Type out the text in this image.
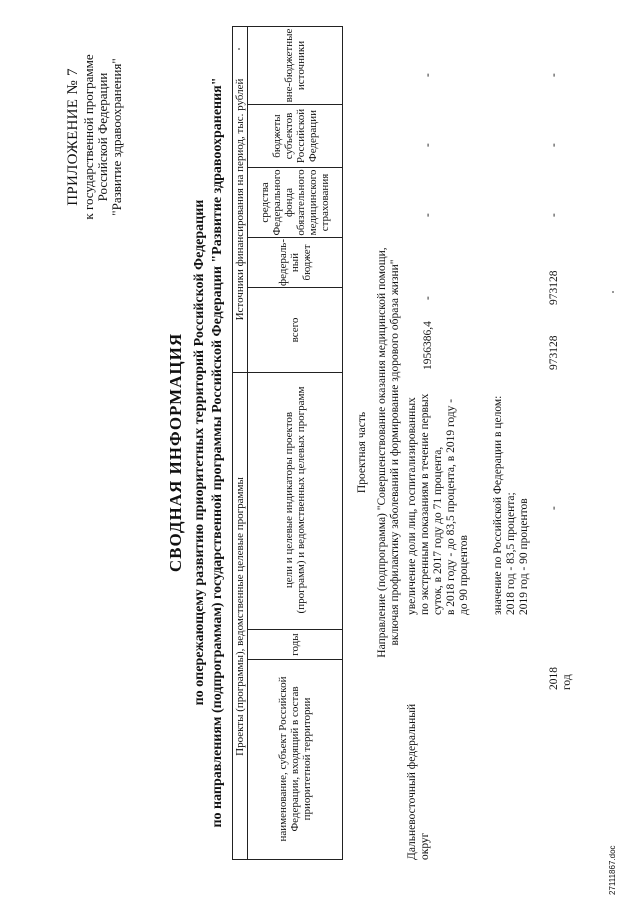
ПРИЛОЖЕНИЕ № 7 к государственной программе Российской Федерации "Развитие здравоохранения"
СВОДНАЯ ИНФОРМАЦИЯ по опережающему развитию приоритетных территорий Российской Федерации по направлениям (подпрограммам) государственной программы Российской Федерации "Развитие здравоохранения" Проекты (программы), ведомственные целевые программы
Источники финансирования на период, тыс. рублей
наименование, субъект Российской Федерации, входящий в состав приоритетной территории
годы
цели и целевые индикаторы проектов (программ) и ведомственных целевых программ
всего
федераль-ный бюджет
средства Федерального фонда обязательного медицинского страхования
бюджеты субъектов Российской Федерации
вне-бюджетные источники
Проектная часть Направление (подпрограмма) "Совершенствование оказания медицинской помощи, включая профилактику заболеваний и формирование здорового образа жизни"
Дальневосточный федеральный округ
увеличение доли лиц, госпитализированных по экстренным показаниям в течение первых суток, в 2017 году до 71 процента, в 2018 году - до 83,5 процента, в 2019 году - до 90 процентов
1956386,4
-
-
-
-
значение по Российской Федерации в целом: 2018 год - 83,5 процента; 2019 год - 90 процентов
2018 год
-
973128
973128
-
-
-
27111867.doc
